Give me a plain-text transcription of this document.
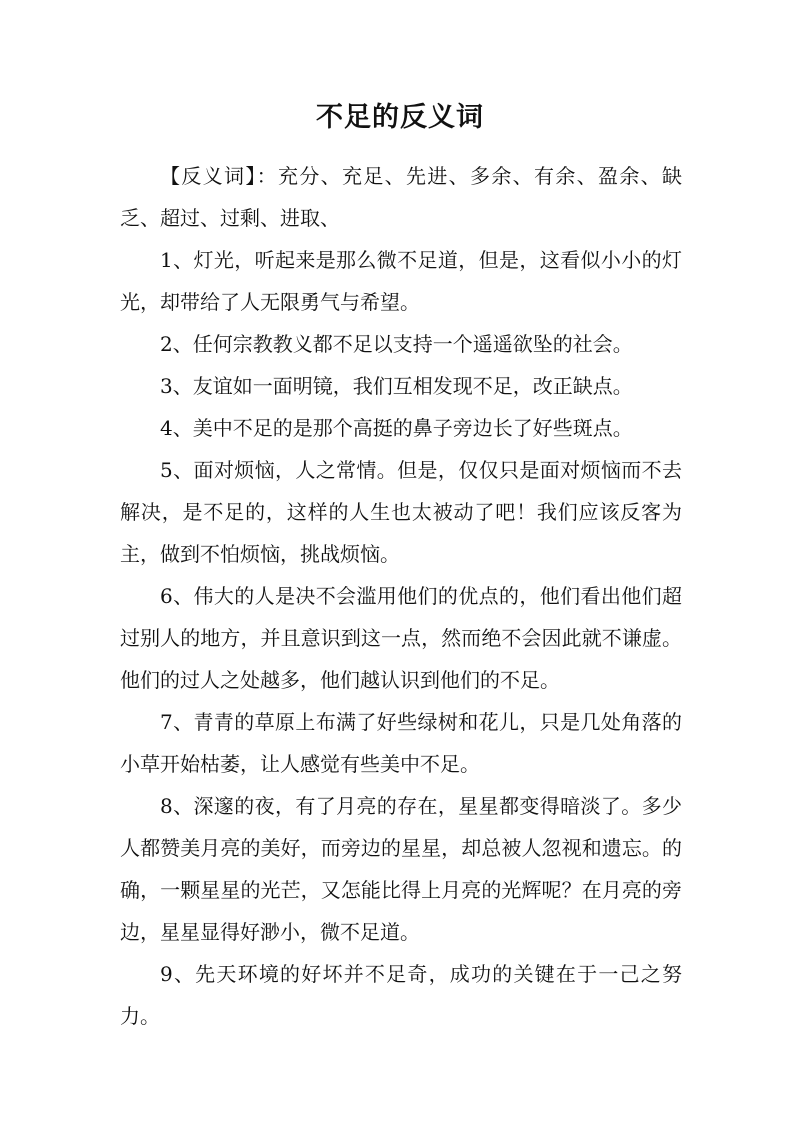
不足的反义词

【反义词】：充分、充足、先进、多余、有余、盈余、缺乏、超过、过剩、进取、

1、灯光，听起来是那么微不足道，但是，这看似小小的灯光，却带给了人无限勇气与希望。

2、任何宗教教义都不足以支持一个遥遥欲坠的社会。

3、友谊如一面明镜，我们互相发现不足，改正缺点。

4、美中不足的是那个高挺的鼻子旁边长了好些斑点。

5、面对烦恼，人之常情。但是，仅仅只是面对烦恼而不去解决，是不足的，这样的人生也太被动了吧！我们应该反客为主，做到不怕烦恼，挑战烦恼。

6、伟大的人是决不会滥用他们的优点的，他们看出他们超过别人的地方，并且意识到这一点，然而绝不会因此就不谦虚。他们的过人之处越多，他们越认识到他们的不足。

7、青青的草原上布满了好些绿树和花儿，只是几处角落的小草开始枯萎，让人感觉有些美中不足。

8、深邃的夜，有了月亮的存在，星星都变得暗淡了。多少人都赞美月亮的美好，而旁边的星星，却总被人忽视和遗忘。的确，一颗星星的光芒，又怎能比得上月亮的光辉呢？在月亮的旁边，星星显得好渺小，微不足道。

9、先天环境的好坏并不足奇，成功的关键在于一己之努力。
